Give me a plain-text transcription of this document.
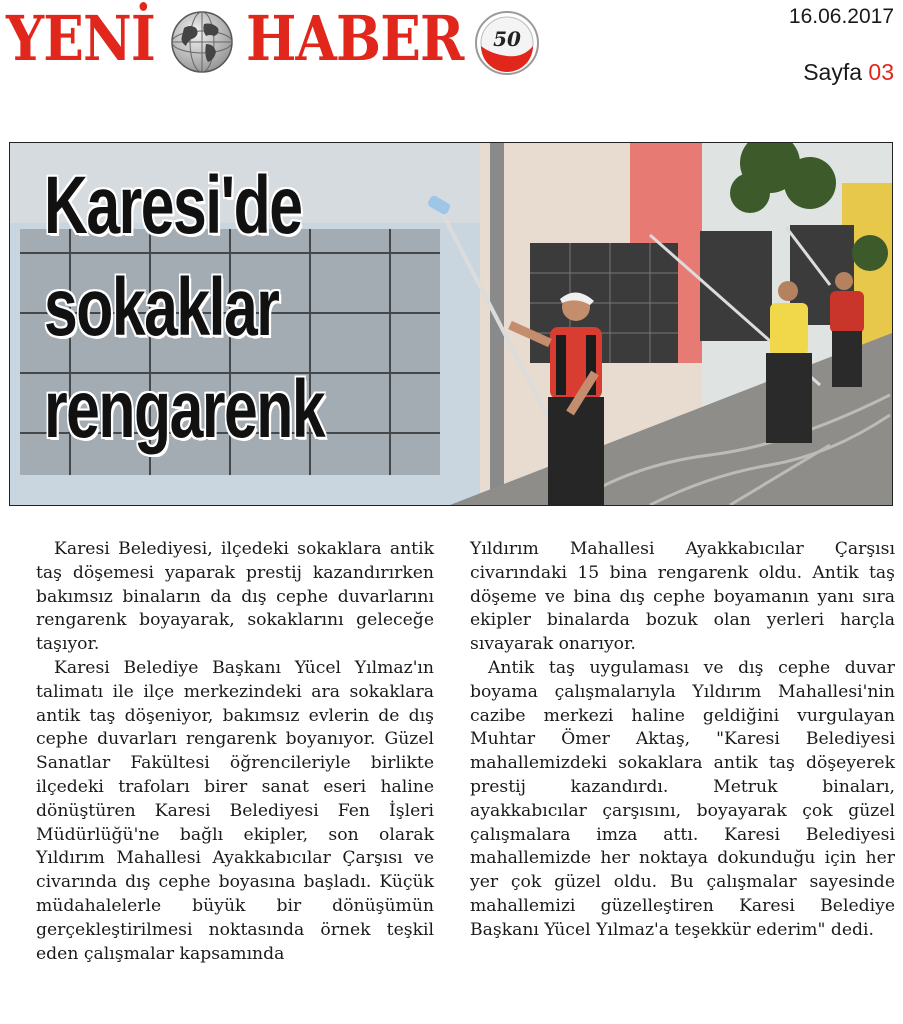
YENİ HABER 50
16.06.2017
Sayfa 03
Karesi'de
sokaklar
rengarenk

Karesi Belediyesi, ilçedeki sokaklara antik taş döşemesi yaparak prestij kazandırırken bakımsız binaların da dış cephe duvarlarını rengarenk boyayarak, sokaklarını geleceğe taşıyor.

Karesi Belediye Başkanı Yücel Yılmaz'ın talimatı ile ilçe merkezindeki ara sokaklara antik taş döşeniyor, bakımsız evlerin de dış cephe duvarları rengarenk boyanıyor. Güzel Sanatlar Fakültesi öğrencileriyle birlikte ilçedeki trafoları birer sanat eseri haline dönüştüren Karesi Belediyesi Fen İşleri Müdürlüğü'ne bağlı ekipler, son olarak Yıldırım Mahallesi Ayakkabıcılar Çarşısı ve civarında dış cephe boyasına başladı. Küçük müdahalelerle büyük bir dönüşümün gerçekleştirilmesi noktasında örnek teşkil eden çalışmalar kapsamında

Yıldırım Mahallesi Ayakkabıcılar Çarşısı civarındaki 15 bina rengarenk oldu. Antik taş döşeme ve bina dış cephe boyamanın yanı sıra ekipler binalarda bozuk olan yerleri harçla sıvayarak onarıyor.

Antik taş uygulaması ve dış cephe duvar boyama çalışmalarıyla Yıldırım Mahallesi'nin cazibe merkezi haline geldiğini vurgulayan Muhtar Ömer Aktaş, "Karesi Belediyesi mahallemizdeki sokaklara antik taş döşeyerek prestij kazandırdı. Metruk binaları, ayakkabıcılar çarşısını, boyayarak çok güzel çalışmalara imza attı. Karesi Belediyesi mahallemizde her noktaya dokunduğu için her yer çok güzel oldu. Bu çalışmalar sayesinde mahallemizi güzelleştiren Karesi Belediye Başkanı Yücel Yılmaz'a teşekkür ederim" dedi.
